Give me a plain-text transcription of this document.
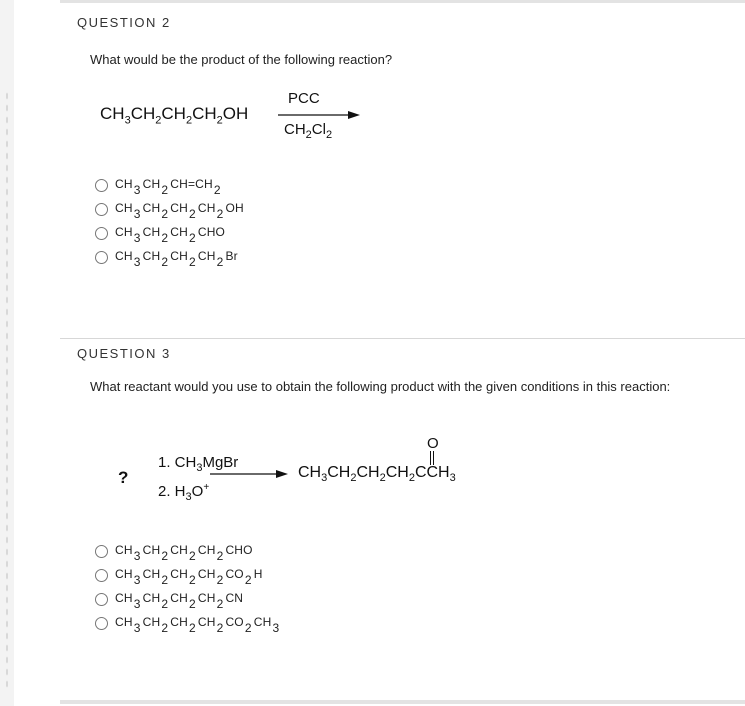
QUESTION 2
What would be the product of the following reaction?
$CH_3CH_2CH_2CH_2OH$
PCC
$CH_2Cl_2$
$CH_3$ $CH_2$ $CH=CH_2$
$CH_3$ $CH_2$ $CH_2$ $CH_2$ OH
$CH_3$ $CH_2$ $CH_2$ CHO
$CH_3$ $CH_2$ $CH_2$ $CH_2$ Br
QUESTION 3
What reactant would you use to obtain the following product with the given conditions in this reaction:
?
1. $CH_3MgBr$
2. $H_3O^+$
$CH_3CH_2CH_2CH_2CCH_3$
O
$CH_3$ $CH_2$ $CH_2$ $CH_2$ CHO
$CH_3$ $CH_2$ $CH_2$ $CH_2$ $CO_2$ H
$CH_3$ $CH_2$ $CH_2$ $CH_2$ CN
$CH_3$ $CH_2$ $CH_2$ $CH_2$ $CO_2$ $CH_3$
